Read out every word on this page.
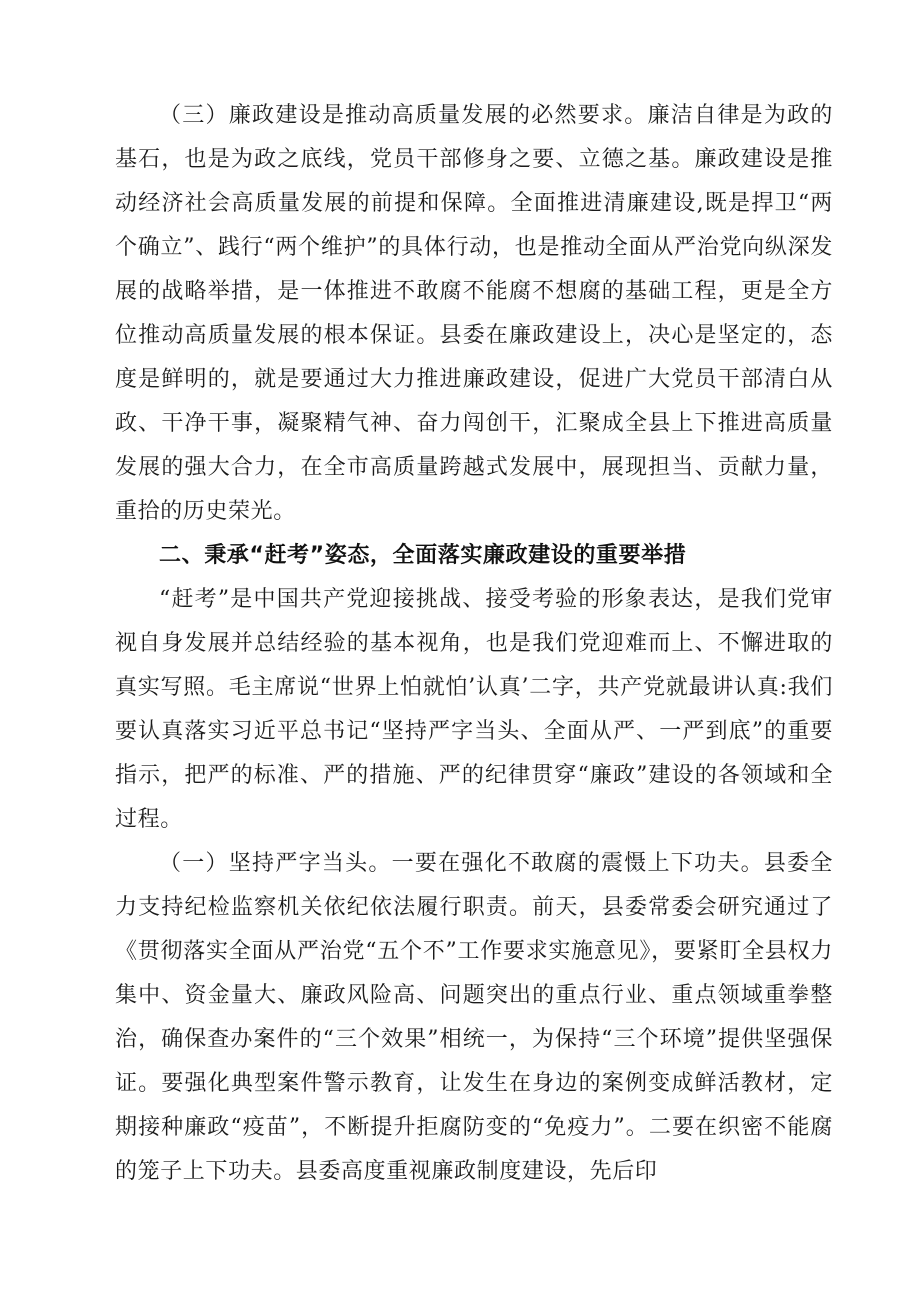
（三）廉政建设是推动高质量发展的必然要求。廉洁自律是为政的基石，也是为政之底线，党员干部修身之要、立德之基。廉政建设是推动经济社会高质量发展的前提和保障。全面推进清廉建设,既是捍卫“两个确立”、践行“两个维护”的具体行动，也是推动全面从严治党向纵深发展的战略举措，是一体推进不敢腐不能腐不想腐的基础工程，更是全方位推动高质量发展的根本保证。县委在廉政建设上，决心是坚定的，态度是鲜明的，就是要通过大力推进廉政建设，促进广大党员干部清白从政、干净干事，凝聚精气神、奋力闯创干，汇聚成全县上下推进高质量发展的强大合力，在全市高质量跨越式发展中，展现担当、贡献力量，重拾的历史荣光。

二、秉承“赶考”姿态，全面落实廉政建设的重要举措

“赶考”是中国共产党迎接挑战、接受考验的形象表达，是我们党审视自身发展并总结经验的基本视角，也是我们党迎难而上、不懈进取的真实写照。毛主席说“世界上怕就怕’认真’二字，共产党就最讲认真:我们要认真落实习近平总书记“坚持严字当头、全面从严、一严到底”的重要指示，把严的标准、严的措施、严的纪律贯穿“廉政”建设的各领域和全过程。

（一）坚持严字当头。一要在强化不敢腐的震慑上下功夫。县委全力支持纪检监察机关依纪依法履行职责。前天，县委常委会研究通过了《贯彻落实全面从严治党“五个不”工作要求实施意见》，要紧盯全县权力集中、资金量大、廉政风险高、问题突出的重点行业、重点领域重拳整治，确保查办案件的“三个效果”相统一，为保持“三个环境”提供坚强保证。要强化典型案件警示教育，让发生在身边的案例变成鲜活教材，定期接种廉政“疫苗”，不断提升拒腐防变的“免疫力”。二要在织密不能腐的笼子上下功夫。县委高度重视廉政制度建设，先后印
